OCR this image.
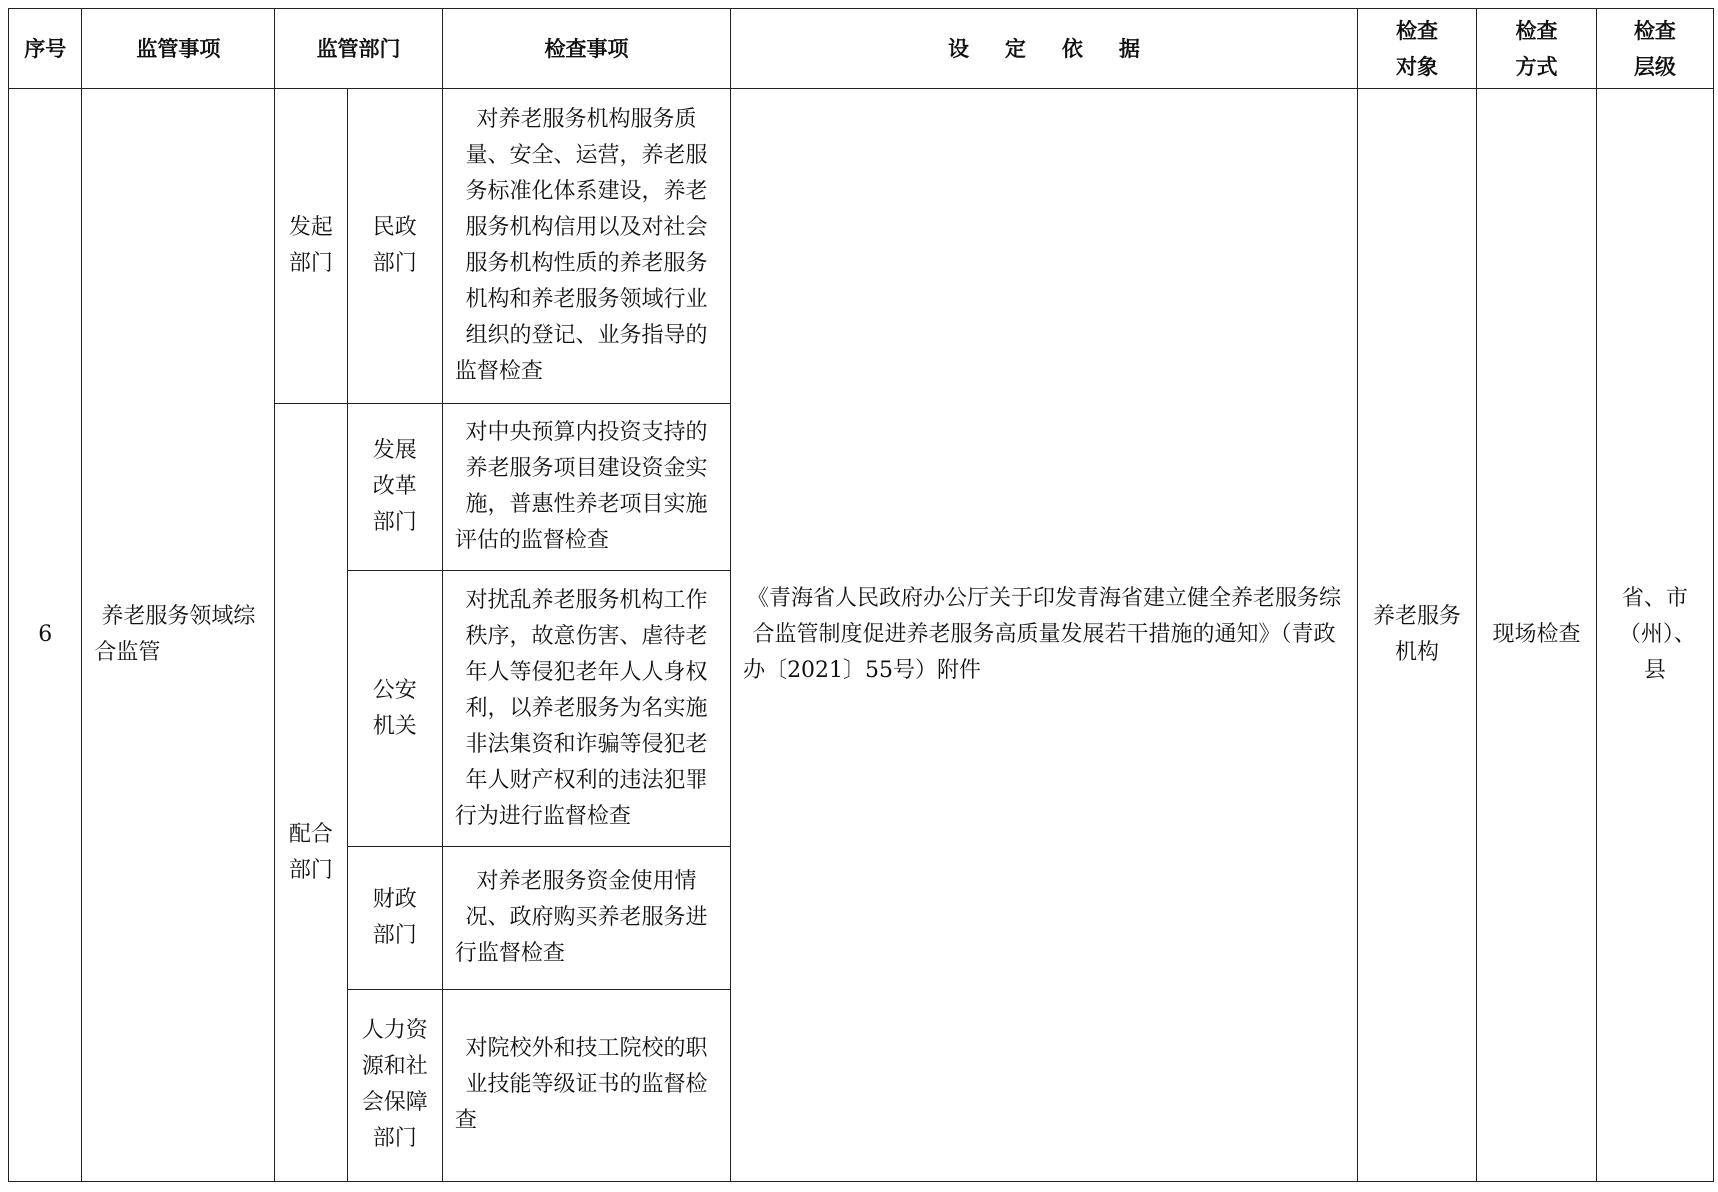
序号	监管事项	监管部门		检查事项	设定依据	检查对象	检查方式	检查层级

6	养老服务领域综合监管	发起部门	民政部门	对养老服务机构服务质量、安全、运营，养老服务标准化体系建设，养老服务机构信用以及对社会服务机构性质的养老服务机构和养老服务领域行业组织的登记、业务指导的监督检查	《青海省人民政府办公厅关于印发青海省建立健全养老服务综合监管制度促进养老服务高质量发展若干措施的通知》（青政办〔2021〕55号）附件	养老服务机构	现场检查	省、市（州）、县

		配合部门	发展改革部门	对中央预算内投资支持的养老服务项目建设资金实施，普惠性养老项目实施评估的监督检查				

			公安机关	对扰乱养老服务机构工作秩序，故意伤害、虐待老年人等侵犯老年人人身权利，以养老服务为名实施非法集资和诈骗等侵犯老年人财产权利的违法犯罪行为进行监督检查				

			财政部门	对养老服务资金使用情况、政府购买养老服务进行监督检查				

			人力资源和社会保障部门	对院校外和技工院校的职业技能等级证书的监督检查				
